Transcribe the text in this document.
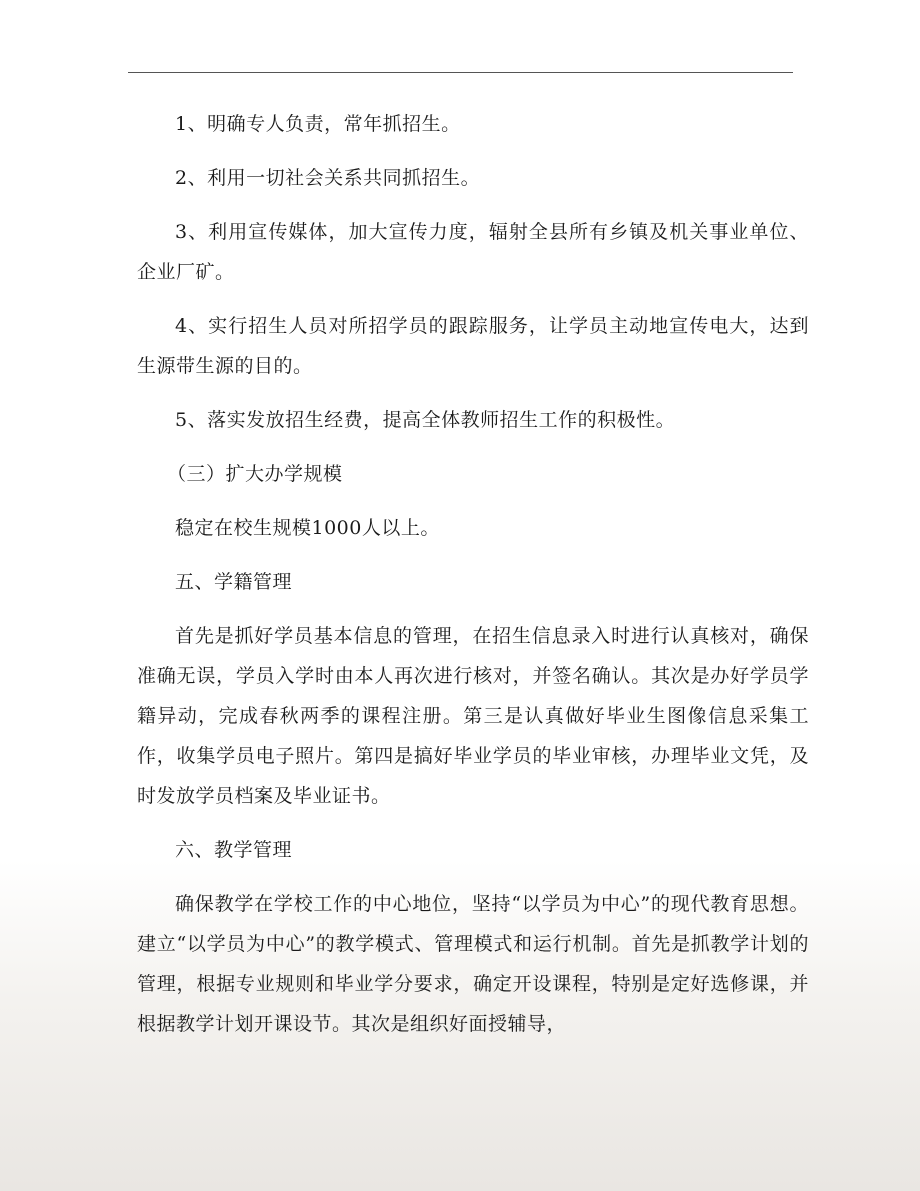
1、明确专人负责，常年抓招生。

2、利用一切社会关系共同抓招生。

3、利用宣传媒体，加大宣传力度，辐射全县所有乡镇及机关事业单位、企业厂矿。

4、实行招生人员对所招学员的跟踪服务，让学员主动地宣传电大，达到生源带生源的目的。

5、落实发放招生经费，提高全体教师招生工作的积极性。

（三）扩大办学规模

稳定在校生规模1000人以上。

五、学籍管理

首先是抓好学员基本信息的管理，在招生信息录入时进行认真核对，确保准确无误，学员入学时由本人再次进行核对，并签名确认。其次是办好学员学籍异动，完成春秋两季的课程注册。第三是认真做好毕业生图像信息采集工作，收集学员电子照片。第四是搞好毕业学员的毕业审核，办理毕业文凭，及时发放学员档案及毕业证书。

六、教学管理

确保教学在学校工作的中心地位，坚持“以学员为中心”的现代教育思想。建立“以学员为中心”的教学模式、管理模式和运行机制。首先是抓教学计划的管理，根据专业规则和毕业学分要求，确定开设课程，特别是定好选修课，并根据教学计划开课设节。其次是组织好面授辅导，
